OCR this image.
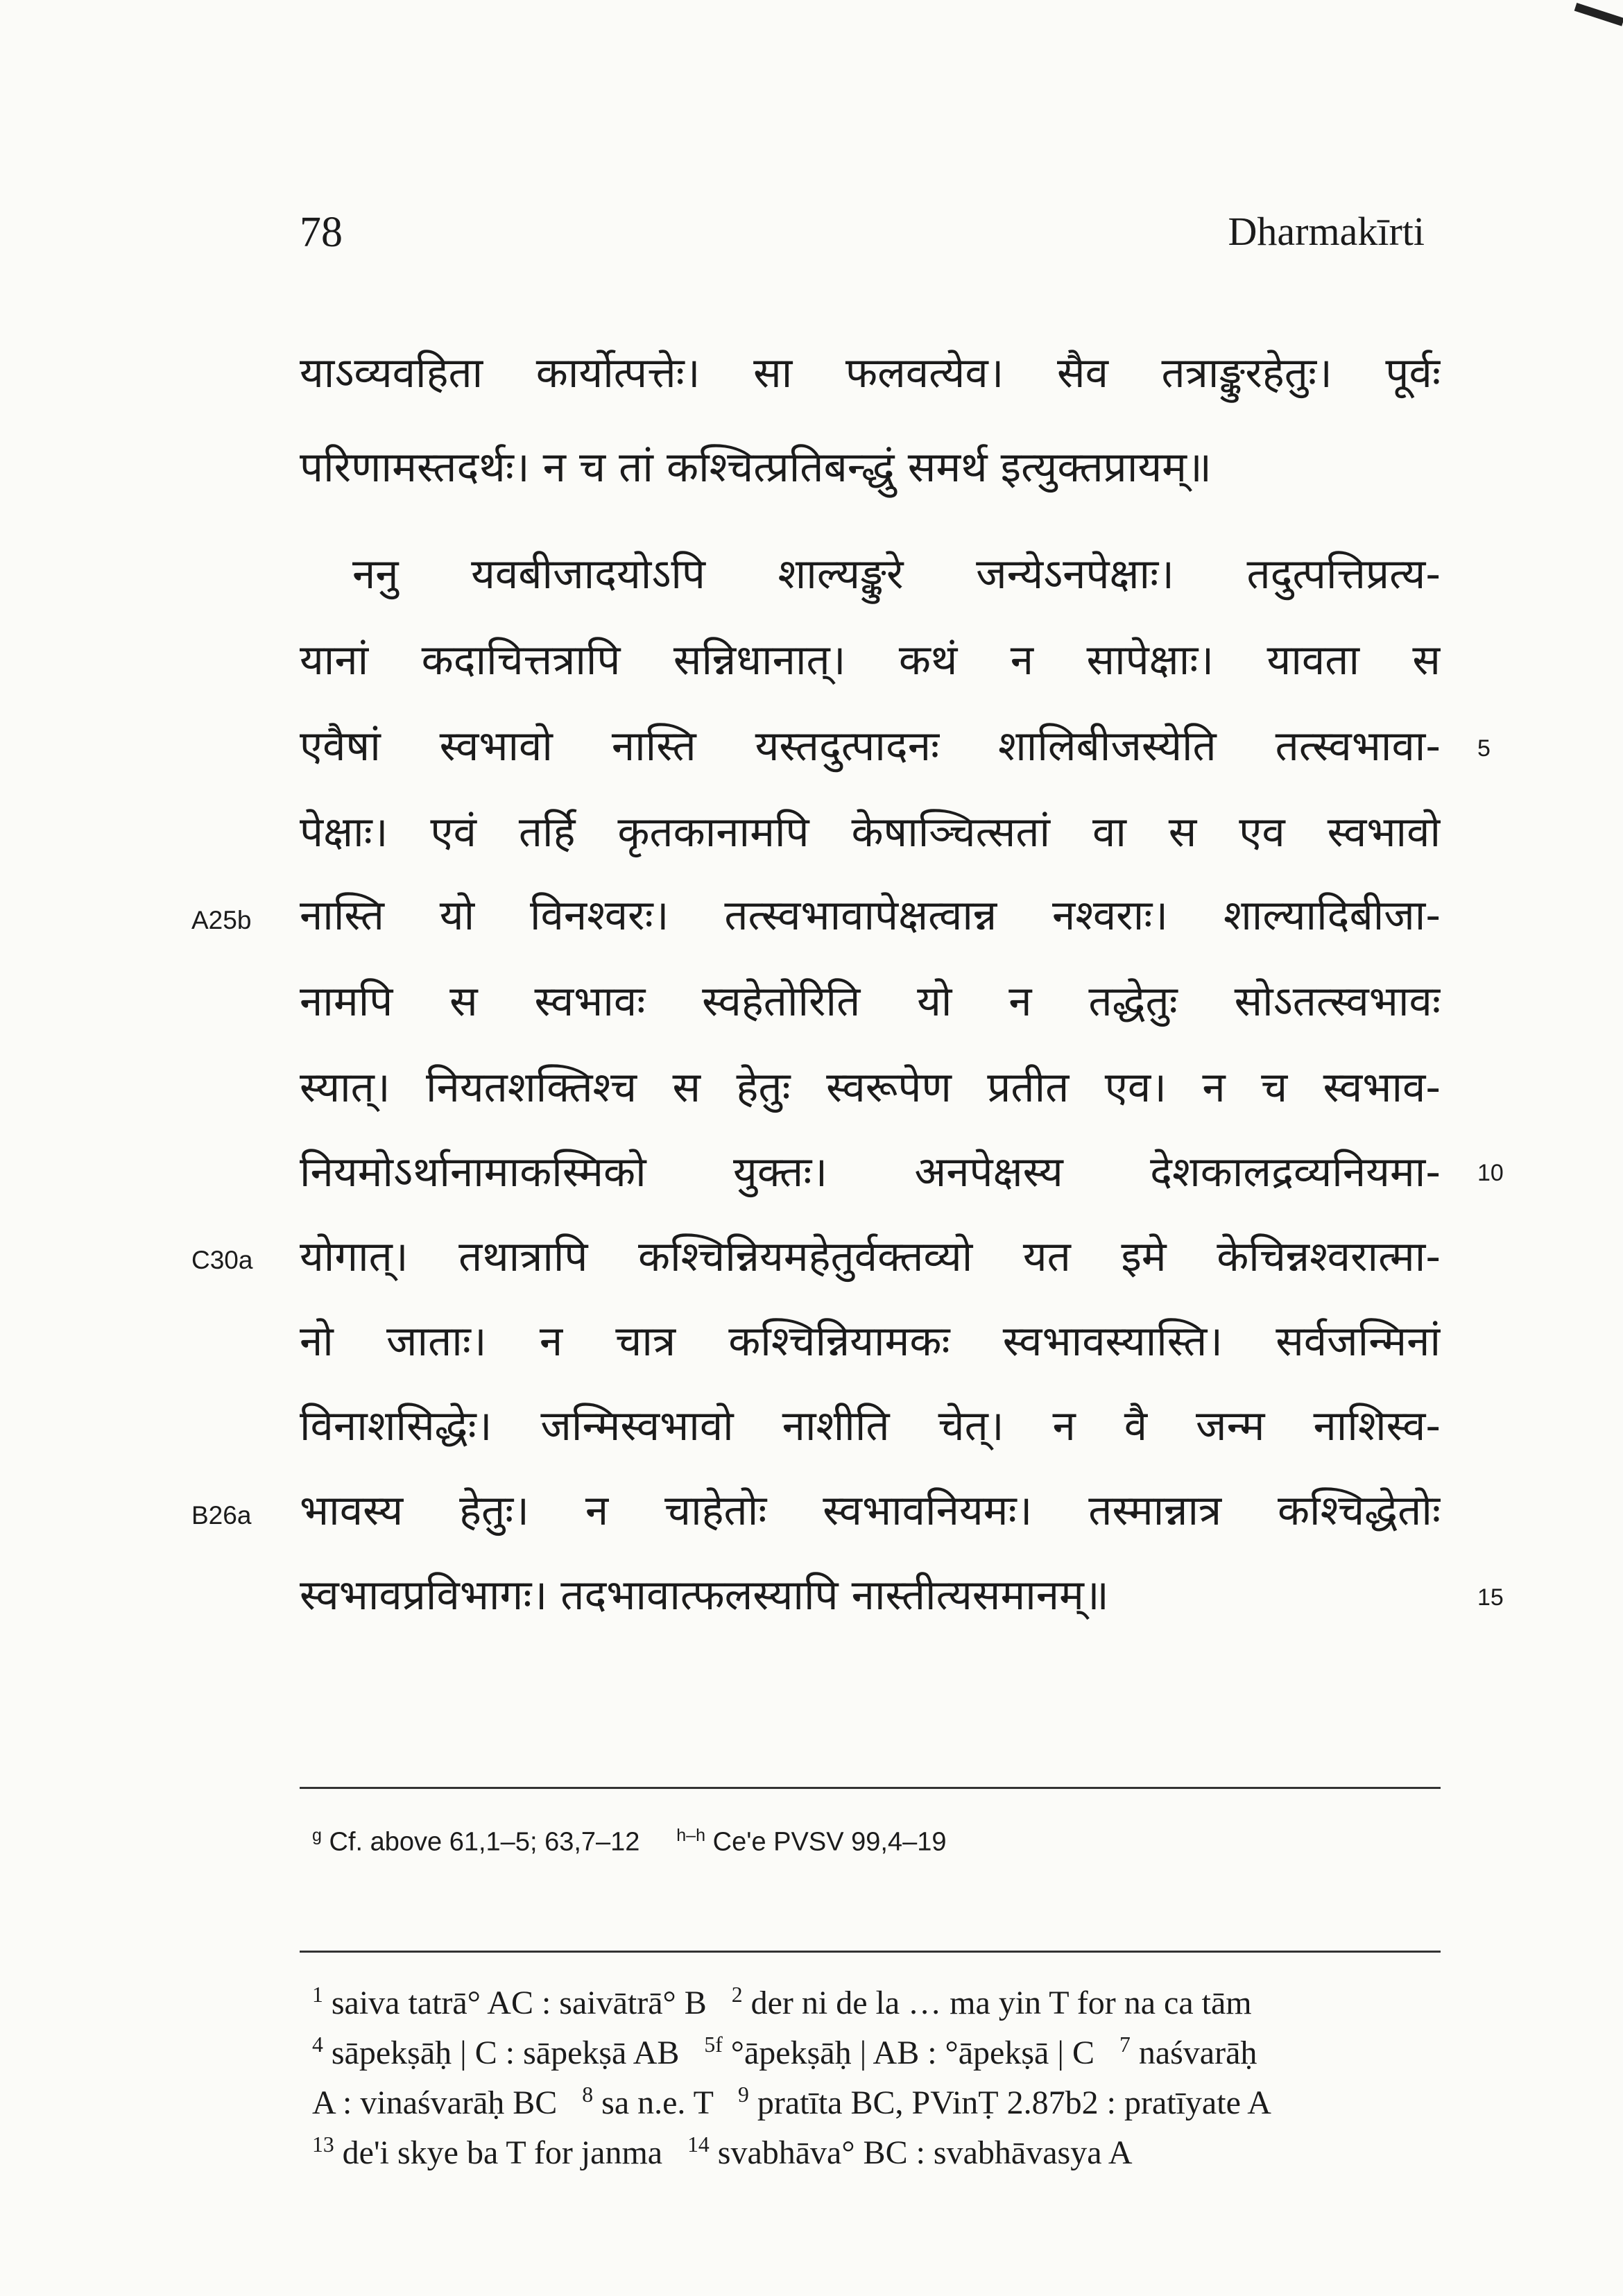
78	Dharmakīrti
याऽव्यवहिता कार्योत्पत्तेः। सा फलवत्येव। सैव तत्राङ्कुरहेतुः। पूर्वः
परिणामस्तदर्थः। न च तां कश्चित्प्रतिबन्द्धुं समर्थ इत्युक्तप्रायम्॥
ननु यवबीजादयोऽपि शाल्यङ्कुरे जन्येऽनपेक्षाः। तदुत्पत्तिप्रत्य-
यानां कदाचित्तत्रापि सन्निधानात्। कथं न सापेक्षाः। यावता स
एवैषां स्वभावो नास्ति यस्तदुत्पादनः शालिबीजस्येति तत्स्वभावा-
पेक्षाः। एवं तर्हि कृतकानामपि केषाञ्चित्सतां वा स एव स्वभावो
नास्ति यो विनश्वरः। तत्स्वभावापेक्षत्वान्न नश्वराः। शाल्यादिबीजा-
नामपि स स्वभावः स्वहेतोरिति यो न तद्धेतुः सोऽतत्स्वभावः
स्यात्। नियतशक्तिश्च स हेतुः स्वरूपेण प्रतीत एव। न च स्वभाव-
नियमोऽर्थानामाकस्मिको युक्तः। अनपेक्षस्य देशकालद्रव्यनियमा-
योगात्। तथात्रापि कश्चिन्नियमहेतुर्वक्तव्यो यत इमे केचिन्नश्वरात्मा-
नो जाताः। न चात्र कश्चिन्नियामकः स्वभावस्यास्ति। सर्वजन्मिनां
विनाशसिद्धेः। जन्मिस्वभावो नाशीति चेत्। न वै जन्म नाशिस्व-
भावस्य हेतुः। न चाहेतोः स्वभावनियमः। तस्मान्नात्र कश्चिद्धेतोः
स्वभावप्रविभागः। तदभावात्फलस्यापि नास्तीत्यसमानम्॥
A25b
C30a
B26a
5
10
15
$^g$ Cf. above 61,1–5; 63,7–12 $^{h-h}$ Ce'e PVSV 99,4–19
$^1$ saiva tatrā° AC : saivātrā° B $^2$ der ni de la … ma yin T for na ca tām
$^4$ sāpekṣāḥ | C : sāpekṣā AB $^{5f}$ °āpekṣāḥ | AB : °āpekṣā | C $^7$ naśvarāḥ
A : vinaśvarāḥ BC $^8$ sa n.e. T $^9$ pratīta BC, PVinṬ 2.87b2 : pratīyate A
$^{13}$ de'i skye ba T for janma $^{14}$ svabhāva° BC : svabhāvasya A
